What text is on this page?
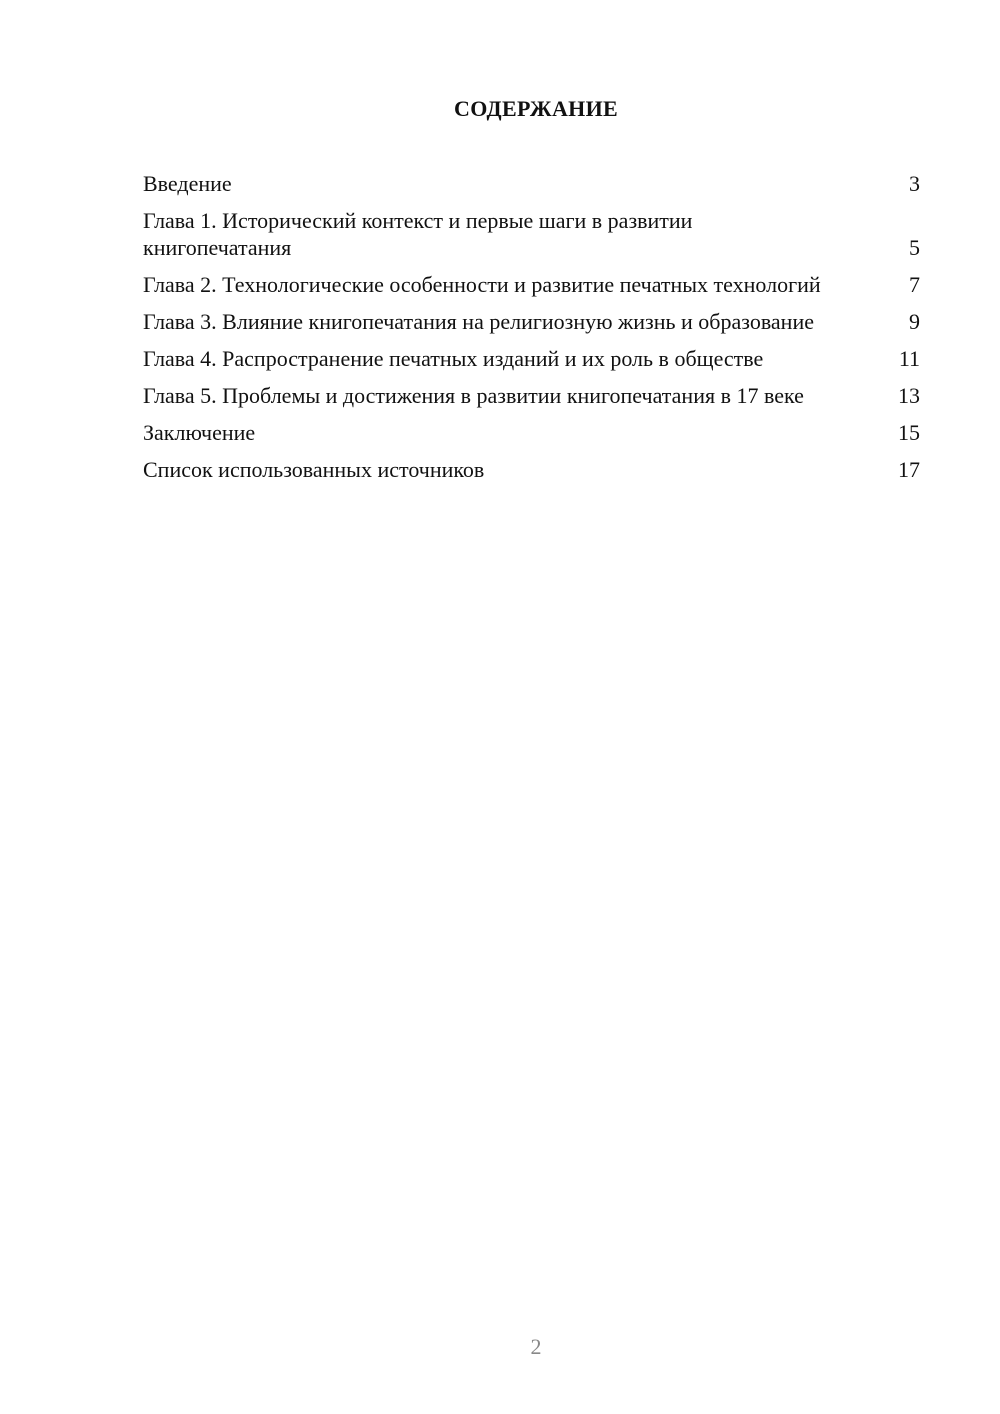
СОДЕРЖАНИЕ
Введение	3
Глава 1. Исторический контекст и первые шаги в развитии книгопечатания	5
Глава 2. Технологические особенности и развитие печатных технологий	7
Глава 3. Влияние книгопечатания на религиозную жизнь и образование	9
Глава 4. Распространение печатных изданий и их роль в обществе	11
Глава 5. Проблемы и достижения в развитии книгопечатания в 17 веке	13
Заключение	15
Список использованных источников	17
2
